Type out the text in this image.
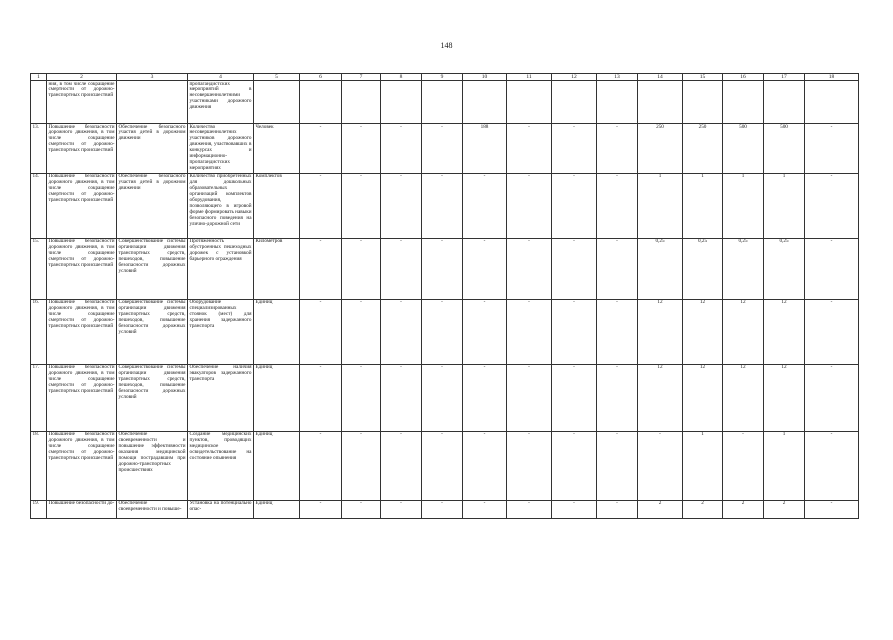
148
1	2	3	4	5	6	7	8	9	10	11	12	13	14	15	16	17	18
	ния, в том числе сокращение смертности от дорожно-транспортных происшествий		пропагандистских мероприятий в несовершеннолетними участниками дорожного движения														
13.	Повышение безопасности дорожного движения, в том числе сокращение смертности от дорожно-транспортных происшествий	Обеспечение безопасного участия детей в дорожном движении	Количество несовершеннолетних участников дорожного движения, участвовавших в конкурсах и информационно-пропагандистских мероприятиях	Человек	-	-	-	-	188	-	-	-	250	250	500	500	-
14.	Повышение безопасности дорожного движения, в том числе сокращение смертности от дорожно-транспортных происшествий	Обеспечение безопасного участия детей в дорожном движении	Количество приобретенных для дошкольных образовательных организаций комплектов оборудования, позволяющего в игровой форме формировать навыки безопасного поведения на улично-дорожной сети	Комплектов	-	-	-	-	-	-	-	-	1	1	1	1	-
15.	Повышение безопасности дорожного движения, в том числе сокращение смертности от дорожно-транспортных происшествий	Совершенствование системы организации движения транспортных средств, пешеходов, повышение безопасности дорожных условий	Протяженность обустроенных пешеходных дорожек с установкой барьерного ограждения	Километров	-	-	-	-	-	-	-	-	0,25	0,25	0,25	0,25	-
16.	Повышение безопасности дорожного движения, в том числе сокращение смертности от дорожно-транспортных происшествий	Совершенствование системы организации движения транспортных средств, пешеходов, повышение безопасности дорожных условий	Оборудование специализированных стоянок (мест) для хранения задержанного транспорта	Единиц	-	-	-	-	-	-	-	-	12	12	12	12	-
17.	Повышение безопасности дорожного движения, в том числе сокращение смертности от дорожно-транспортных происшествий	Совершенствование системы организации движения транспортных средств, пешеходов, повышение безопасности дорожных условий	Обеспечение наличия эвакуаторов задержанного транспорта	Единиц	-	-	-	-	-	-	-	-	12	12	12	12	-
18.	Повышение безопасности дорожного движения, в том числе сокращение смертности от дорожно-транспортных происшествий	Обеспечение своевременности и повышение эффективности оказания медицинской помощи пострадавшим при дорожно-транспортных происшествиях	Создание медицинских пунктов, проводящих медицинское освидетельствование на состояние опьянения	Единиц	-	-	-	-	-	-	-	-	-	1	-	1	-
19.	Повышение безопасности до-	Обеспечение своевременности и повыше-	Установка на потенциально опас-	Единиц	-	-	-	-	-	-	-	-	2	2	2	2	-
